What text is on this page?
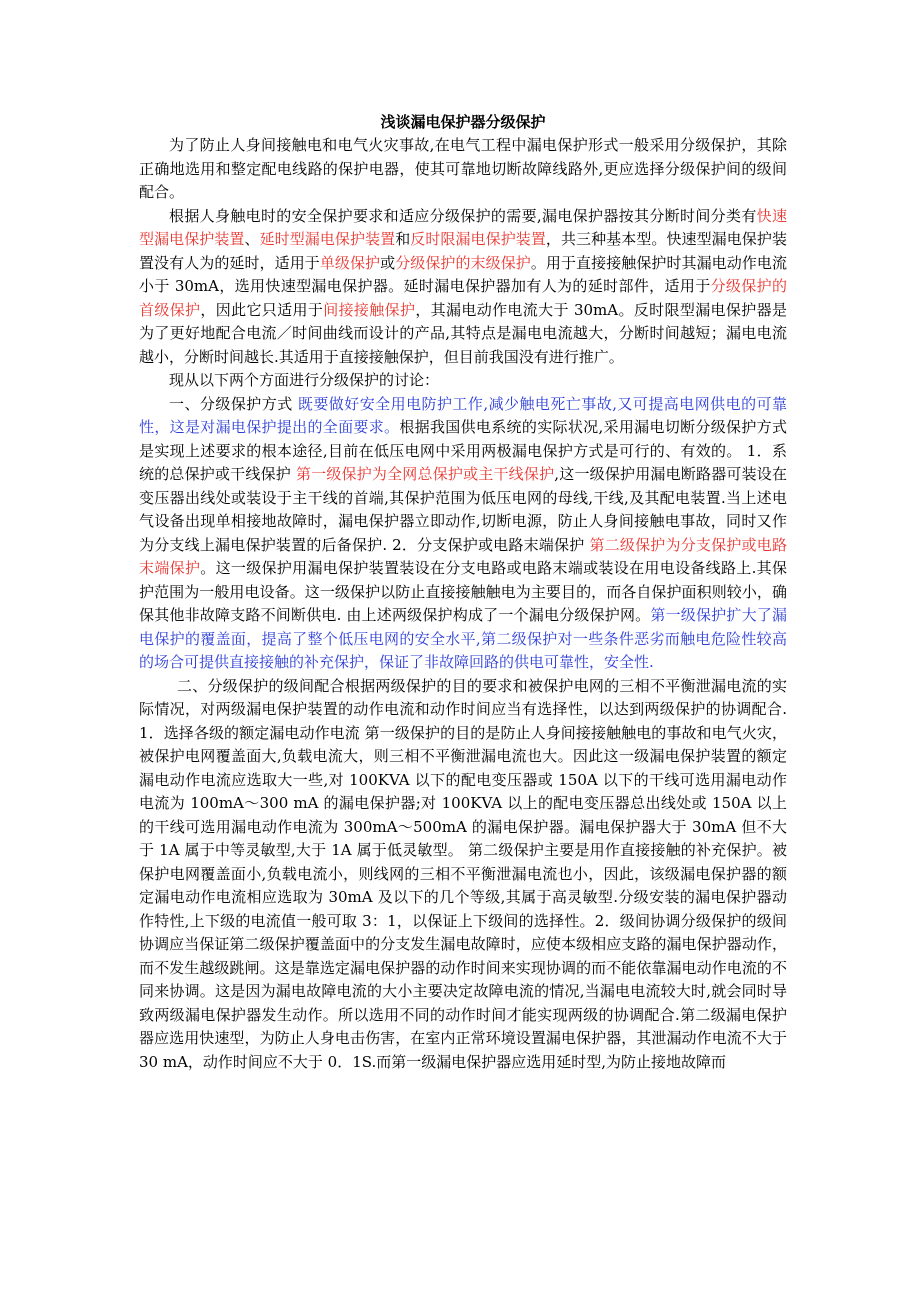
浅谈漏电保护器分级保护

为了防止人身间接触电和电气火灾事故,在电气工程中漏电保护形式一般采用分级保护，其除正确地选用和整定配电线路的保护电器，使其可靠地切断故障线路外,更应选择分级保护间的级间配合。

根据人身触电时的安全保护要求和适应分级保护的需要,漏电保护器按其分断时间分类有快速型漏电保护装置、延时型漏电保护装置和反时限漏电保护装置，共三种基本型。快速型漏电保护装置没有人为的延时，适用于单级保护或分级保护的末级保护。用于直接接触保护时其漏电动作电流小于 30mA，选用快速型漏电保护器。延时漏电保护器加有人为的延时部件，适用于分级保护的首级保护，因此它只适用于间接接触保护，其漏电动作电流大于 30mA。反时限型漏电保护器是为了更好地配合电流／时间曲线而设计的产品,其特点是漏电电流越大，分断时间越短；漏电电流越小，分断时间越长.其适用于直接接触保护，但目前我国没有进行推广。

现从以下两个方面进行分级保护的讨论：

一、分级保护方式 既要做好安全用电防护工作,减少触电死亡事故,又可提高电网供电的可靠性，这是对漏电保护提出的全面要求。根据我国供电系统的实际状况,采用漏电切断分级保护方式是实现上述要求的根本途径,目前在低压电网中采用两极漏电保护方式是可行的、有效的。 1．系统的总保护或干线保护 第一级保护为全网总保护或主干线保护,这一级保护用漏电断路器可装设在变压器出线处或装设于主干线的首端,其保护范围为低压电网的母线,干线,及其配电装置.当上述电气设备出现单相接地故障时，漏电保护器立即动作,切断电源，防止人身间接触电事故，同时又作为分支线上漏电保护装置的后备保护. 2．分支保护或电路末端保护 第二级保护为分支保护或电路末端保护。这一级保护用漏电保护装置装设在分支电路或电路末端或装设在用电设备线路上.其保护范围为一般用电设备。这一级保护以防止直接接触触电为主要目的，而各自保护面积则较小，确保其他非故障支路不间断供电. 由上述两级保护构成了一个漏电分级保护网。第一级保护扩大了漏电保护的覆盖面，提高了整个低压电网的安全水平,第二级保护对一些条件恶劣而触电危险性较高的场合可提供直接接触的补充保护，保证了非故障回路的供电可靠性，安全性.

二、分级保护的级间配合根据两级保护的目的要求和被保护电网的三相不平衡泄漏电流的实际情况，对两级漏电保护装置的动作电流和动作时间应当有选择性，以达到两级保护的协调配合. 1．选择各级的额定漏电动作电流 第一级保护的目的是防止人身间接接触触电的事故和电气火灾，被保护电网覆盖面大,负载电流大，则三相不平衡泄漏电流也大。因此这一级漏电保护装置的额定漏电动作电流应选取大一些,对 100KVA 以下的配电变压器或 150A 以下的干线可选用漏电动作电流为 100mA～300 mA 的漏电保护器;对 100KVA 以上的配电变压器总出线处或 150A 以上的干线可选用漏电动作电流为 300mA～500mA 的漏电保护器。漏电保护器大于 30mA 但不大于 1A 属于中等灵敏型,大于 1A 属于低灵敏型。 第二级保护主要是用作直接接触的补充保护。被保护电网覆盖面小,负载电流小，则线网的三相不平衡泄漏电流也小，因此，该级漏电保护器的额定漏电动作电流相应选取为 30mA 及以下的几个等级,其属于高灵敏型.分级安装的漏电保护器动作特性,上下级的电流值一般可取 3：1，以保证上下级间的选择性。2．级间协调分级保护的级间协调应当保证第二级保护覆盖面中的分支发生漏电故障时，应使本级相应支路的漏电保护器动作，而不发生越级跳闸。这是靠选定漏电保护器的动作时间来实现协调的而不能依靠漏电动作电流的不同来协调。这是因为漏电故障电流的大小主要决定故障电流的情况,当漏电电流较大时,就会同时导致两级漏电保护器发生动作。所以选用不同的动作时间才能实现两级的协调配合.第二级漏电保护器应选用快速型，为防止人身电击伤害，在室内正常环境设置漏电保护器，其泄漏动作电流不大于 30 mA，动作时间应不大于 0．1S.而第一级漏电保护器应选用延时型,为防止接地故障而
